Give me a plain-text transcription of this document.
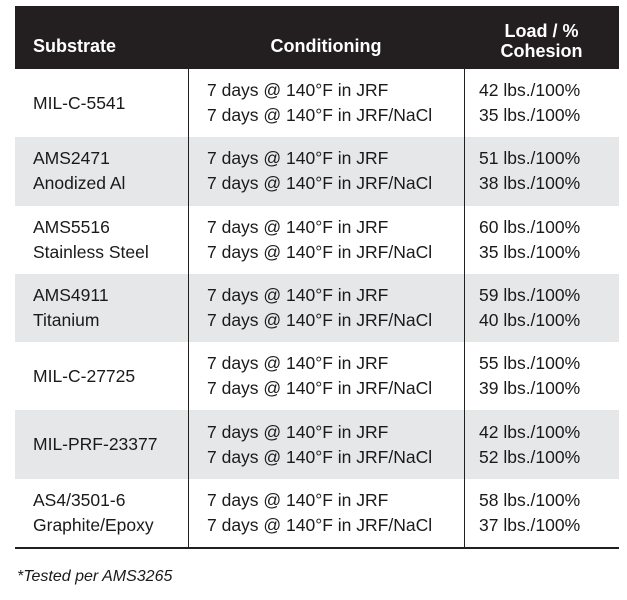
Substrate	Conditioning
Load / %
Cohesion
MIL-C-5541
7 days @ 140°F in JRF
7 days @ 140°F in JRF/NaCl
42 lbs./100%
35 lbs./100%
AMS2471
Anodized Al
7 days @ 140°F in JRF
7 days @ 140°F in JRF/NaCl
51 lbs./100%
38 lbs./100%
AMS5516
Stainless Steel
7 days @ 140°F in JRF
7 days @ 140°F in JRF/NaCl
60 lbs./100%
35 lbs./100%
AMS4911
Titanium
7 days @ 140°F in JRF
7 days @ 140°F in JRF/NaCl
59 lbs./100%
40 lbs./100%
MIL-C-27725
7 days @ 140°F in JRF
7 days @ 140°F in JRF/NaCl
55 lbs./100%
39 lbs./100%
MIL-PRF-23377
7 days @ 140°F in JRF
7 days @ 140°F in JRF/NaCl
42 lbs./100%
52 lbs./100%
AS4/3501-6
Graphite/Epoxy
7 days @ 140°F in JRF
7 days @ 140°F in JRF/NaCl
58 lbs./100%
37 lbs./100%
*Tested per AMS3265
